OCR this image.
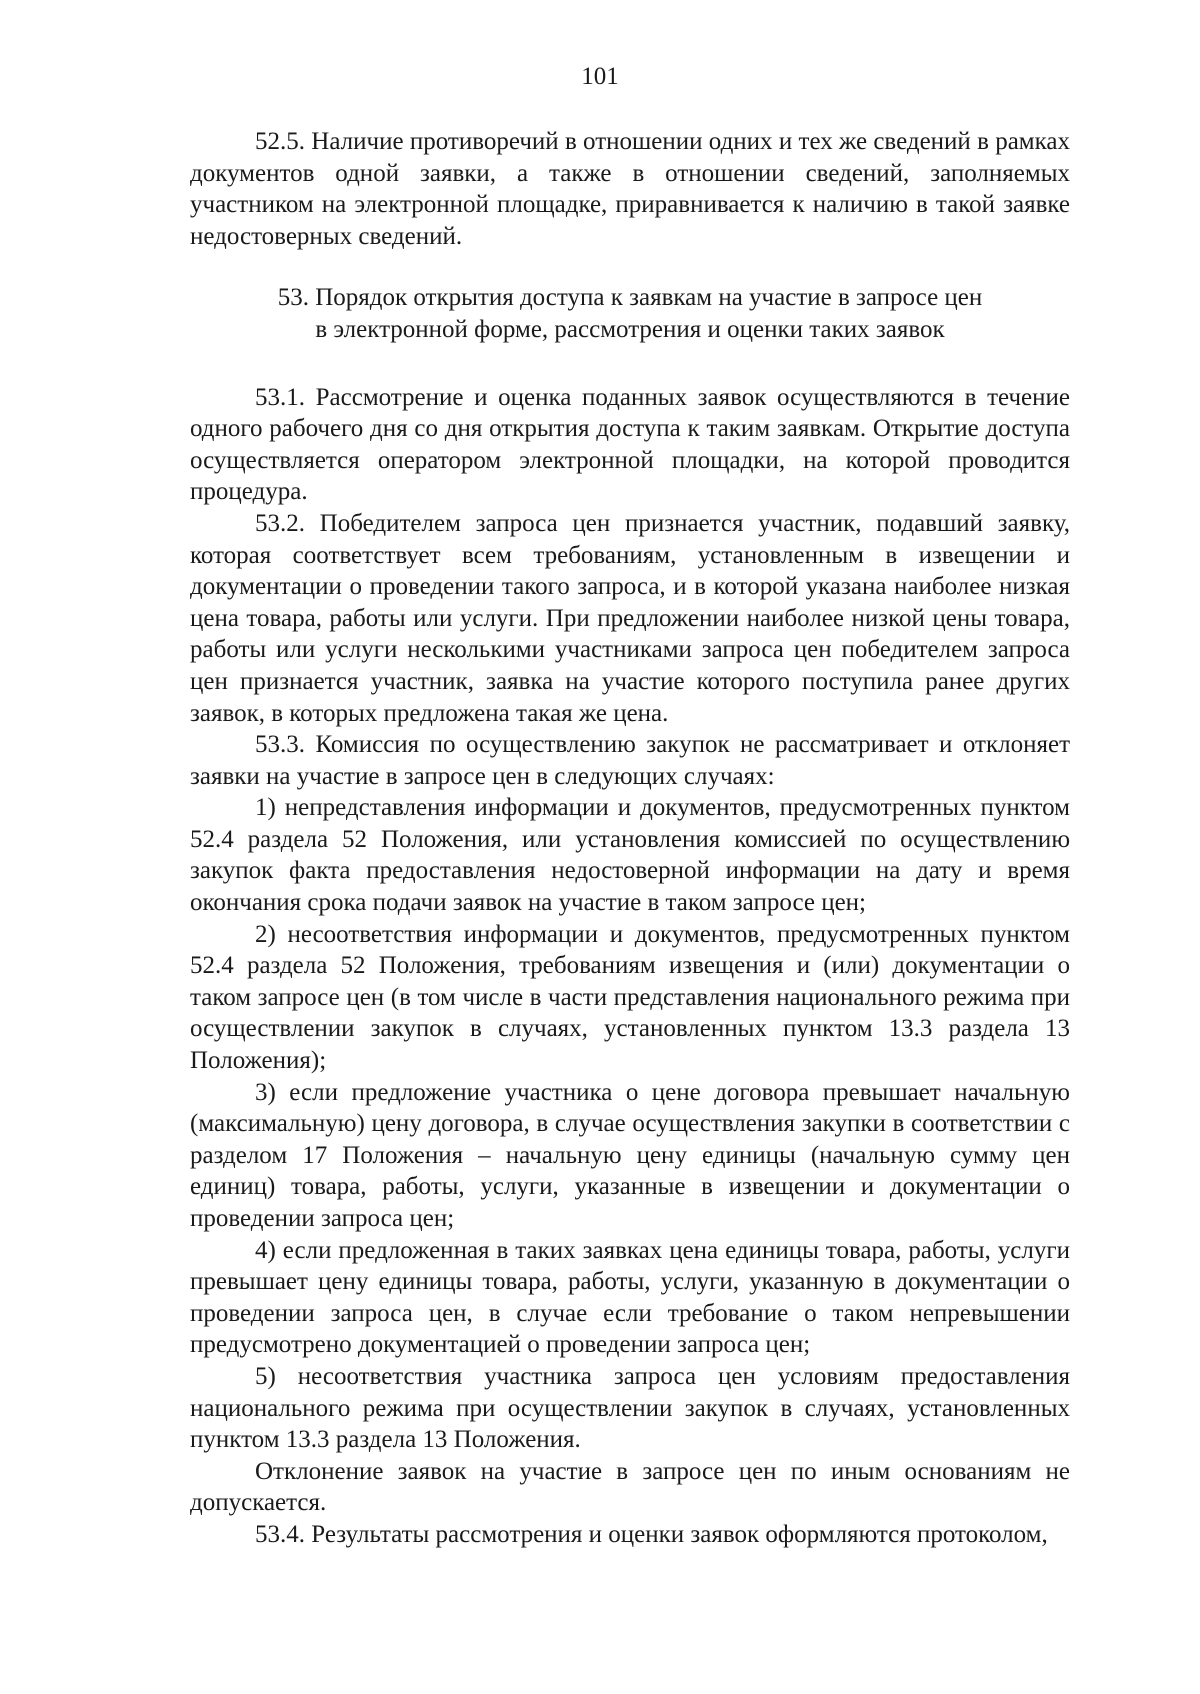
101

52.5. Наличие противоречий в отношении одних и тех же сведений в рамках документов одной заявки, а также в отношении сведений, заполняемых участником на электронной площадке, приравнивается к наличию в такой заявке недостоверных сведений.

53. Порядок открытия доступа к заявкам на участие в запросе цен
в электронной форме, рассмотрения и оценки таких заявок

53.1. Рассмотрение и оценка поданных заявок осуществляются в течение одного рабочего дня со дня открытия доступа к таким заявкам. Открытие доступа осуществляется оператором электронной площадки, на которой проводится процедура.

53.2. Победителем запроса цен признается участник, подавший заявку, которая соответствует всем требованиям, установленным в извещении и документации о проведении такого запроса, и в которой указана наиболее низкая цена товара, работы или услуги. При предложении наиболее низкой цены товара, работы или услуги несколькими участниками запроса цен победителем запроса цен признается участник, заявка на участие которого поступила ранее других заявок, в которых предложена такая же цена.

53.3. Комиссия по осуществлению закупок не рассматривает и отклоняет заявки на участие в запросе цен в следующих случаях:

1) непредставления информации и документов, предусмотренных пунктом 52.4 раздела 52 Положения, или установления комиссией по осуществлению закупок факта предоставления недостоверной информации на дату и время окончания срока подачи заявок на участие в таком запросе цен;

2) несоответствия информации и документов, предусмотренных пунктом 52.4 раздела 52 Положения, требованиям извещения и (или) документации о таком запросе цен (в том числе в части представления национального режима при осуществлении закупок в случаях, установленных пунктом 13.3 раздела 13 Положения);

3) если предложение участника о цене договора превышает начальную (максимальную) цену договора, в случае осуществления закупки в соответствии с разделом 17 Положения – начальную цену единицы (начальную сумму цен единиц) товара, работы, услуги, указанные в извещении и документации о проведении запроса цен;

4) если предложенная в таких заявках цена единицы товара, работы, услуги превышает цену единицы товара, работы, услуги, указанную в документации о проведении запроса цен, в случае если требование о таком непревышении предусмотрено документацией о проведении запроса цен;

5) несоответствия участника запроса цен условиям предоставления национального режима при осуществлении закупок в случаях, установленных пунктом 13.3 раздела 13 Положения.

Отклонение заявок на участие в запросе цен по иным основаниям не допускается.

53.4. Результаты рассмотрения и оценки заявок оформляются протоколом,
